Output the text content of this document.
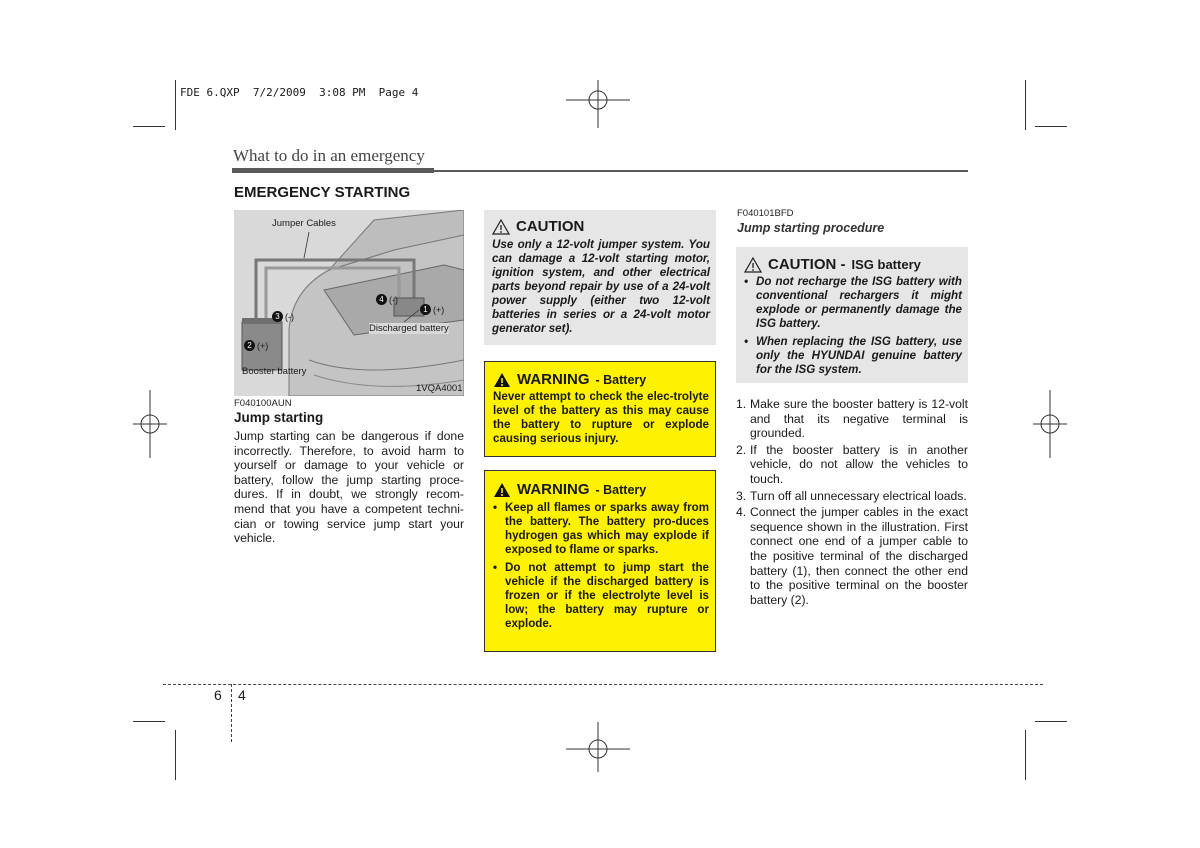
FDE 6.QXP  7/2/2009  3:08 PM  Page 4
What to do in an emergency
EMERGENCY STARTING
Jumper Cables
Discharged battery
Booster battery
1VQA4001
1 (+)
2 (+)
3 (-)
4 (-)
F040100AUN
Jump starting
Jump starting can be dangerous if done incorrectly. Therefore, to avoid harm to yourself or damage to your vehicle or battery, follow the jump starting proce-dures. If in doubt, we strongly recom-mend that you have a competent techni-cian or towing service jump start your vehicle.
CAUTION
Use only a 12-volt jumper system. You can damage a 12-volt starting motor, ignition system, and other electrical parts beyond repair by use of a 24-volt power supply (either two 12-volt batteries in series or a 24-volt motor generator set).
WARNING - Battery
Never attempt to check the elec-trolyte level of the battery as this may cause the battery to rupture or explode causing serious injury.
WARNING - Battery
• Keep all flames or sparks away from the battery. The battery pro-duces hydrogen gas which may explode if exposed to flame or sparks.
• Do not attempt to jump start the vehicle if the discharged battery is frozen or if the electrolyte level is low; the battery may rupture or explode.
F040101BFD
Jump starting procedure
CAUTION - ISG battery
• Do not recharge the ISG battery with conventional rechargers it might explode or permanently damage the ISG battery.
• When replacing the ISG battery, use only the HYUNDAI genuine battery for the ISG system.
1. Make sure the booster battery is 12-volt and that its negative terminal is grounded.
2. If the booster battery is in another vehicle, do not allow the vehicles to touch.
3. Turn off all unnecessary electrical loads.
4. Connect the jumper cables in the exact sequence shown in the illustration. First connect one end of a jumper cable to the positive terminal of the discharged battery (1), then connect the other end to the positive terminal on the booster battery (2).
6 4
